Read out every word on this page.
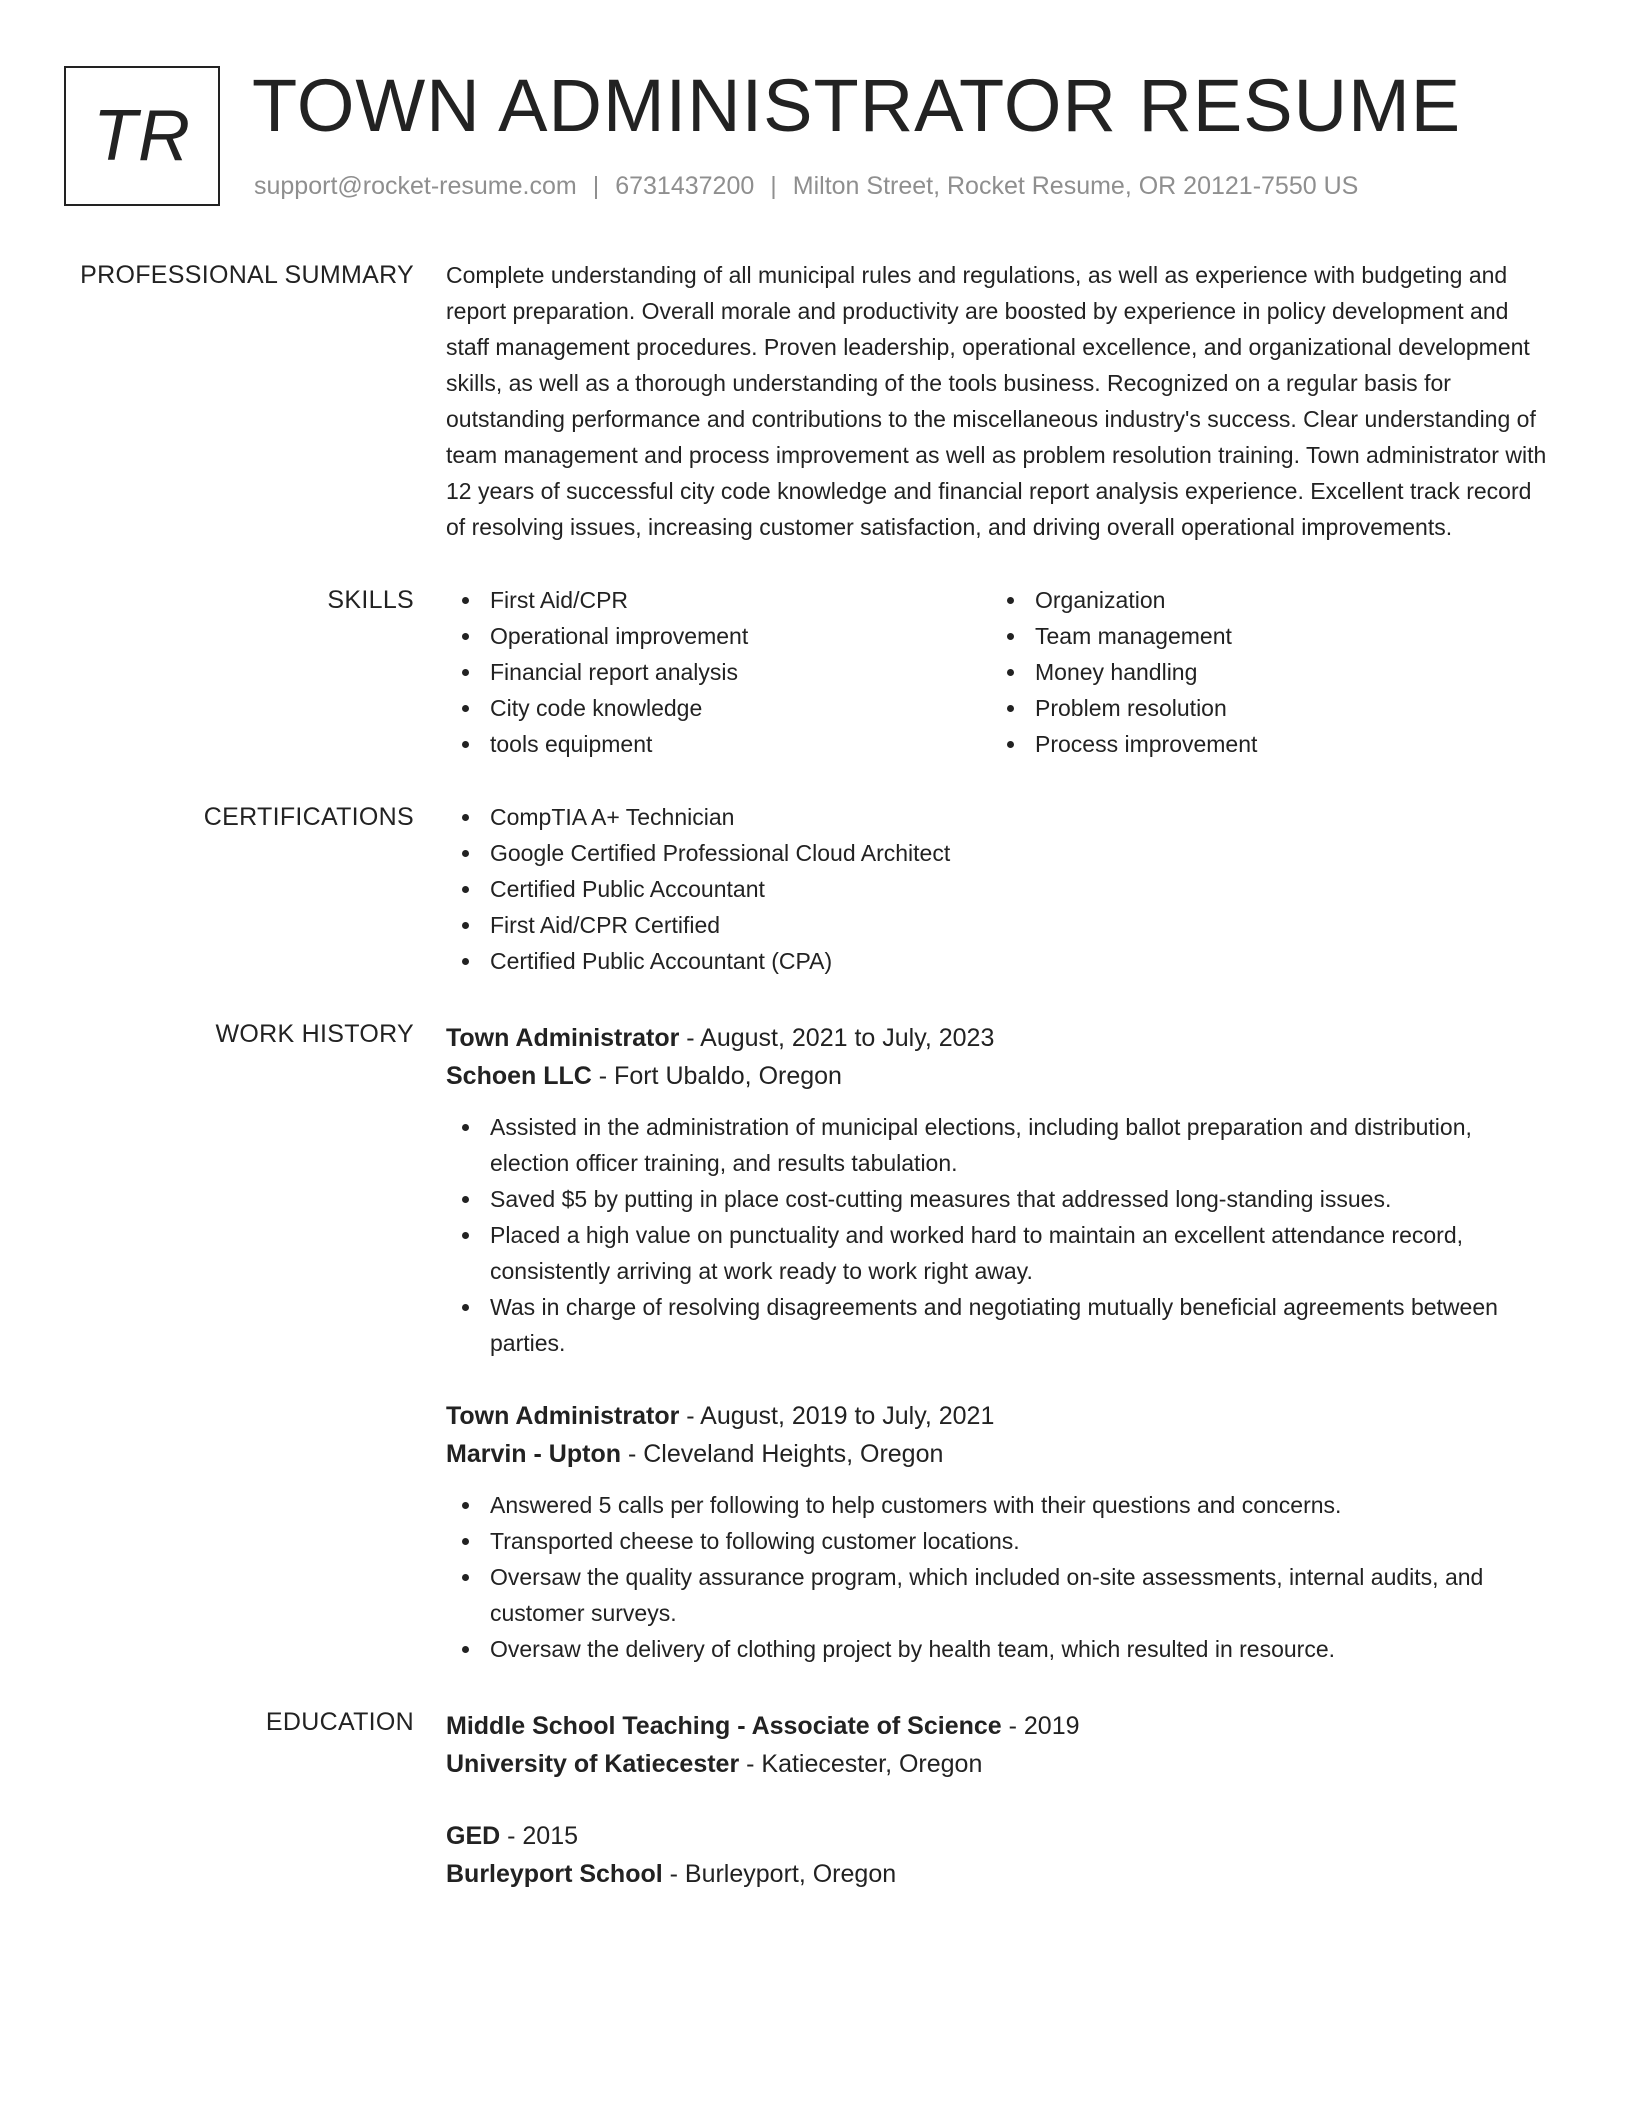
TR TOWN ADMINISTRATOR RESUME
support@rocket-resume.com | 6731437200 | Milton Street, Rocket Resume, OR 20121-7550 US
PROFESSIONAL SUMMARY Complete understanding of all municipal rules and regulations, as well as experience with budgeting and report preparation. Overall morale and productivity are boosted by experience in policy development and staff management procedures. Proven leadership, operational excellence, and organizational development skills, as well as a thorough understanding of the tools business. Recognized on a regular basis for outstanding performance and contributions to the miscellaneous industry's success. Clear understanding of team management and process improvement as well as problem resolution training. Town administrator with 12 years of successful city code knowledge and financial report analysis experience. Excellent track record of resolving issues, increasing customer satisfaction, and driving overall operational improvements.

SKILLS	First Aid/CPR
Operational improvement
Financial report analysis
City code knowledge
tools equipment
Organization
Team management
Money handling
Problem resolution
Process improvement
CERTIFICATIONS	CompTIA A+ Technician
Google Certified Professional Cloud Architect
Certified Public Accountant
First Aid/CPR Certified
Certified Public Accountant (CPA)
WORK HISTORY Town Administrator - August, 2021 to July, 2023
Schoen LLC - Fort Ubaldo, Oregon
Assisted in the administration of municipal elections, including ballot preparation and distribution, election officer training, and results tabulation.
Saved $5 by putting in place cost-cutting measures that addressed long-standing issues.
Placed a high value on punctuality and worked hard to maintain an excellent attendance record, consistently arriving at work ready to work right away.
Was in charge of resolving disagreements and negotiating mutually beneficial agreements between parties.
Town Administrator - August, 2019 to July, 2021
Marvin - Upton - Cleveland Heights, Oregon
Answered 5 calls per following to help customers with their questions and concerns.
Transported cheese to following customer locations.
Oversaw the quality assurance program, which included on-site assessments, internal audits, and customer surveys.
Oversaw the delivery of clothing project by health team, which resulted in resource.
EDUCATION Middle School Teaching - Associate of Science - 2019
University of Katiecester - Katiecester, Oregon
GED - 2015
Burleyport School - Burleyport, Oregon
